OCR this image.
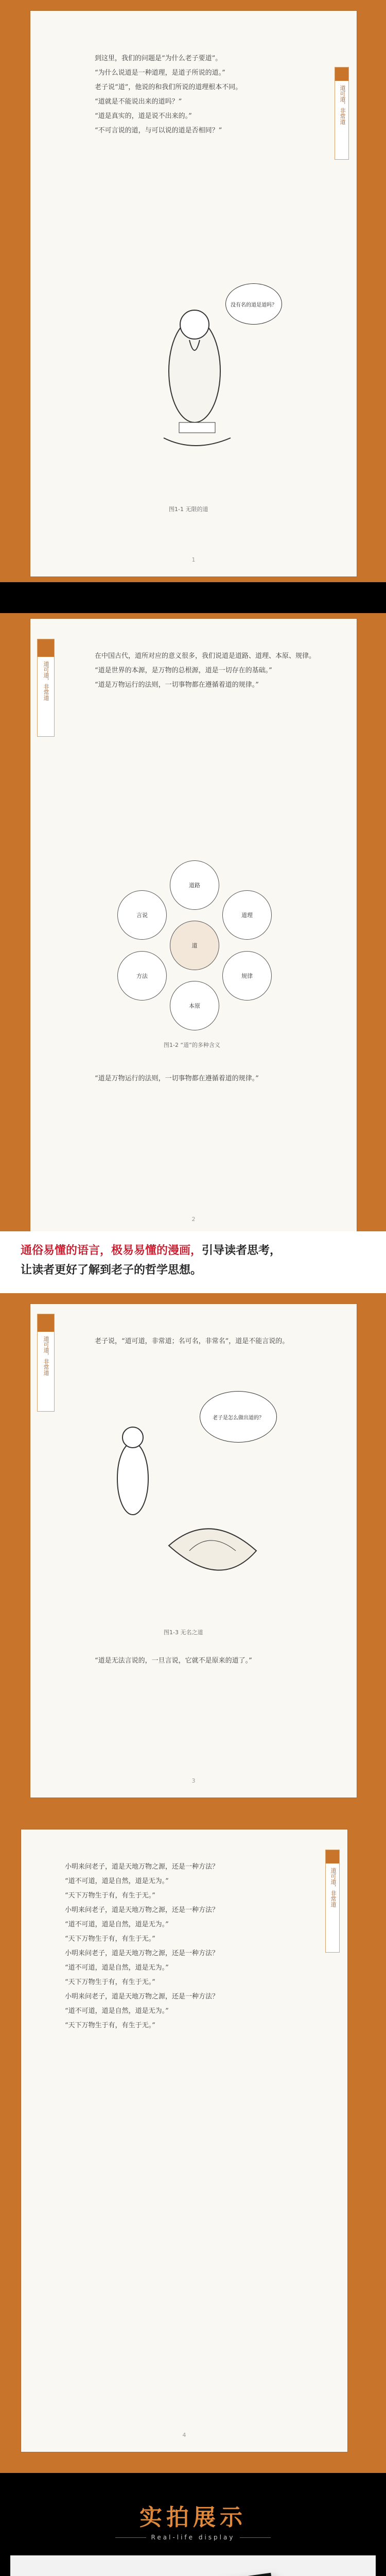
道可道，非常道

到这里，我们的问题是“为什么老子要道”。

“为什么说道是一种道理，是道子所说的道。”

老子说“道”，他说的和我们所说的道理根本不同。

“道就是不能说出来的道吗？”

“道是真实的，道是说不出来的。”

“不可言说的道，与可以说的道是否相同？”

没有名的道是道吗？
图1-1 无限的道
1
道可道，非常道

在中国古代，道所对应的意义很多，我们说道是道路、道理、本原、规律。

“道是世界的本源，是万物的总根源，道是一切存在的基础。”

“道是万物运行的法则，一切事物都在遵循着道的规律。”

道
道路
道理
规律
本原
方法
言说
图1-2 “道”的多种含义

“道是万物运行的法则，一切事物都在遵循着道的规律。”

2
通俗易懂的语言，极易易懂的漫画，引导读者思考，
让读者更好了解到老子的哲学思想。
道可道，非常道	老子说，“道可道，非常道；名可名，非常名”，道是不能言说的。

老子是怎么做出道的？
图1-3 无名之道

“道是无法言说的，一旦言说，它就不是原来的道了。”

3
道可道，非常道

小明来问老子，道是天地万物之源，还是一种方法？

“道不可道，道是自然，道是无为。”

“天下万物生于有，有生于无。”

小明来问老子，道是天地万物之源，还是一种方法？

“道不可道，道是自然，道是无为。”

“天下万物生于有，有生于无。”

小明来问老子，道是天地万物之源，还是一种方法？

“道不可道，道是自然，道是无为。”

“天下万物生于有，有生于无。”

小明来问老子，道是天地万物之源，还是一种方法？

“道不可道，道是自然，道是无为。”

“天下万物生于有，有生于无。”

4
实拍展示
Real-life display
